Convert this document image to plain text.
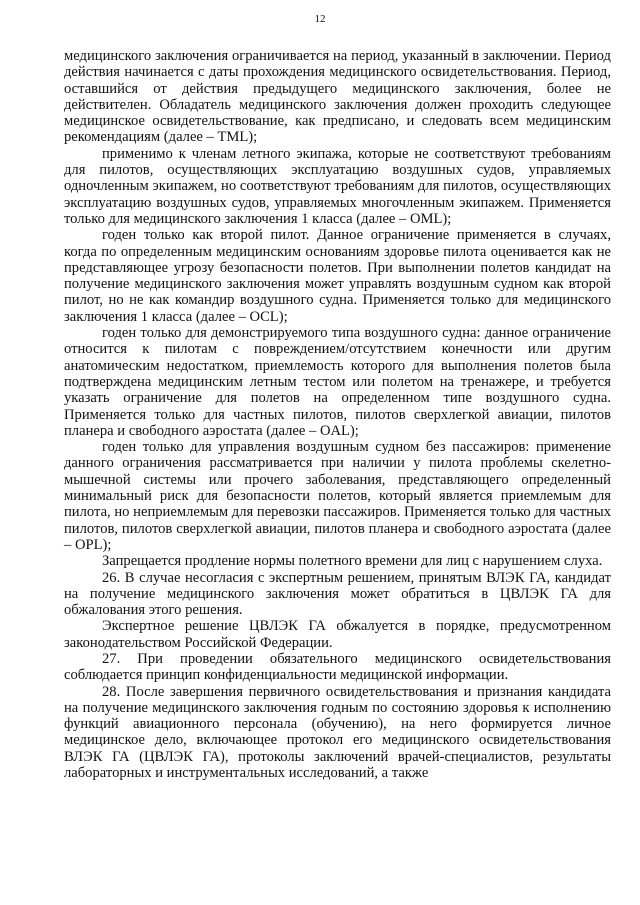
12

медицинского заключения ограничивается на период, указанный в заключении. Период действия начинается с даты прохождения медицинского освидетельствования. Период, оставшийся от действия предыдущего медицинского заключения, более не действителен. Обладатель медицинского заключения должен проходить следующее медицинское освидетельствование, как предписано, и следовать всем медицинским рекомендациям (далее – TML);

применимо к членам летного экипажа, которые не соответствуют требованиям для пилотов, осуществляющих эксплуатацию воздушных судов, управляемых одночленным экипажем, но соответствуют требованиям для пилотов, осуществляющих эксплуатацию воздушных судов, управляемых многочленным экипажем. Применяется только для медицинского заключения 1 класса (далее – OML);

годен только как второй пилот. Данное ограничение применяется в случаях, когда по определенным медицинским основаниям здоровье пилота оценивается как не представляющее угрозу безопасности полетов. При выполнении полетов кандидат на получение медицинского заключения может управлять воздушным судном как второй пилот, но не как командир воздушного судна. Применяется только для медицинского заключения 1 класса (далее – OCL);

годен только для демонстрируемого типа воздушного судна: данное ограничение относится к пилотам с повреждением/отсутствием конечности или другим анатомическим недостатком, приемлемость которого для выполнения полетов была подтверждена медицинским летным тестом или полетом на тренажере, и требуется указать ограничение для полетов на определенном типе воздушного судна. Применяется только для частных пилотов, пилотов сверхлегкой авиации, пилотов планера и свободного аэростата (далее – OAL);

годен только для управления воздушным судном без пассажиров: применение данного ограничения рассматривается при наличии у пилота проблемы скелетно-мышечной системы или прочего заболевания, представляющего определенный минимальный риск для безопасности полетов, который является приемлемым для пилота, но неприемлемым для перевозки пассажиров. Применяется только для частных пилотов, пилотов сверхлегкой авиации, пилотов планера и свободного аэростата (далее – OPL);

Запрещается продление нормы полетного времени для лиц с нарушением слуха.

26. В случае несогласия с экспертным решением, принятым ВЛЭК ГА, кандидат на получение медицинского заключения может обратиться в ЦВЛЭК ГА для обжалования этого решения.

Экспертное решение ЦВЛЭК ГА обжалуется в порядке, предусмотренном законодательством Российской Федерации.

27. При проведении обязательного медицинского освидетельствования соблюдается принцип конфиденциальности медицинской информации.

28. После завершения первичного освидетельствования и признания кандидата на получение медицинского заключения годным по состоянию здоровья к исполнению функций авиационного персонала (обучению), на него формируется личное медицинское дело, включающее протокол его медицинского освидетельствования ВЛЭК ГА (ЦВЛЭК ГА), протоколы заключений врачей-специалистов, результаты лабораторных и инструментальных исследований, а также
